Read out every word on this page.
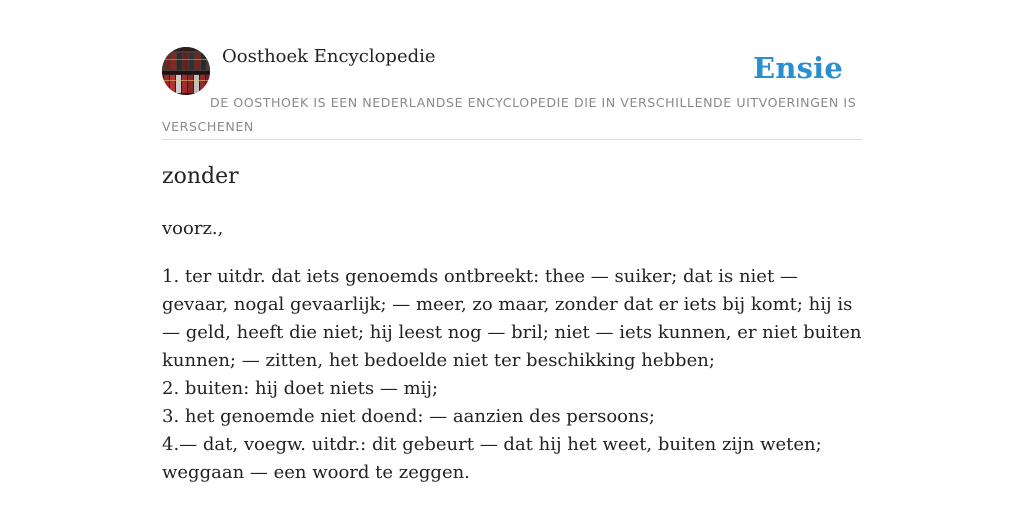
Oosthoek Encyclopedie	Ensie
DE OOSTHOEK IS EEN NEDERLANDSE ENCYCLOPEDIE DIE IN VERSCHILLENDE UITVOERINGEN IS VERSCHENEN
zonder

voorz.,

1. ter uitdr. dat iets genoemds ontbreekt: thee — suiker; dat is niet — gevaar, nogal gevaarlijk; — meer, zo maar, zonder dat er iets bij komt; hij is — geld, heeft die niet; hij leest nog — bril; niet — iets kunnen, er niet buiten kunnen; — zitten, het bedoelde niet ter beschikking hebben;
2. buiten: hij doet niets — mij;
3. het genoemde niet doend: — aanzien des persoons;
4.— dat, voegw. uitdr.: dit gebeurt — dat hij het weet, buiten zijn weten; weggaan — een woord te zeggen.
